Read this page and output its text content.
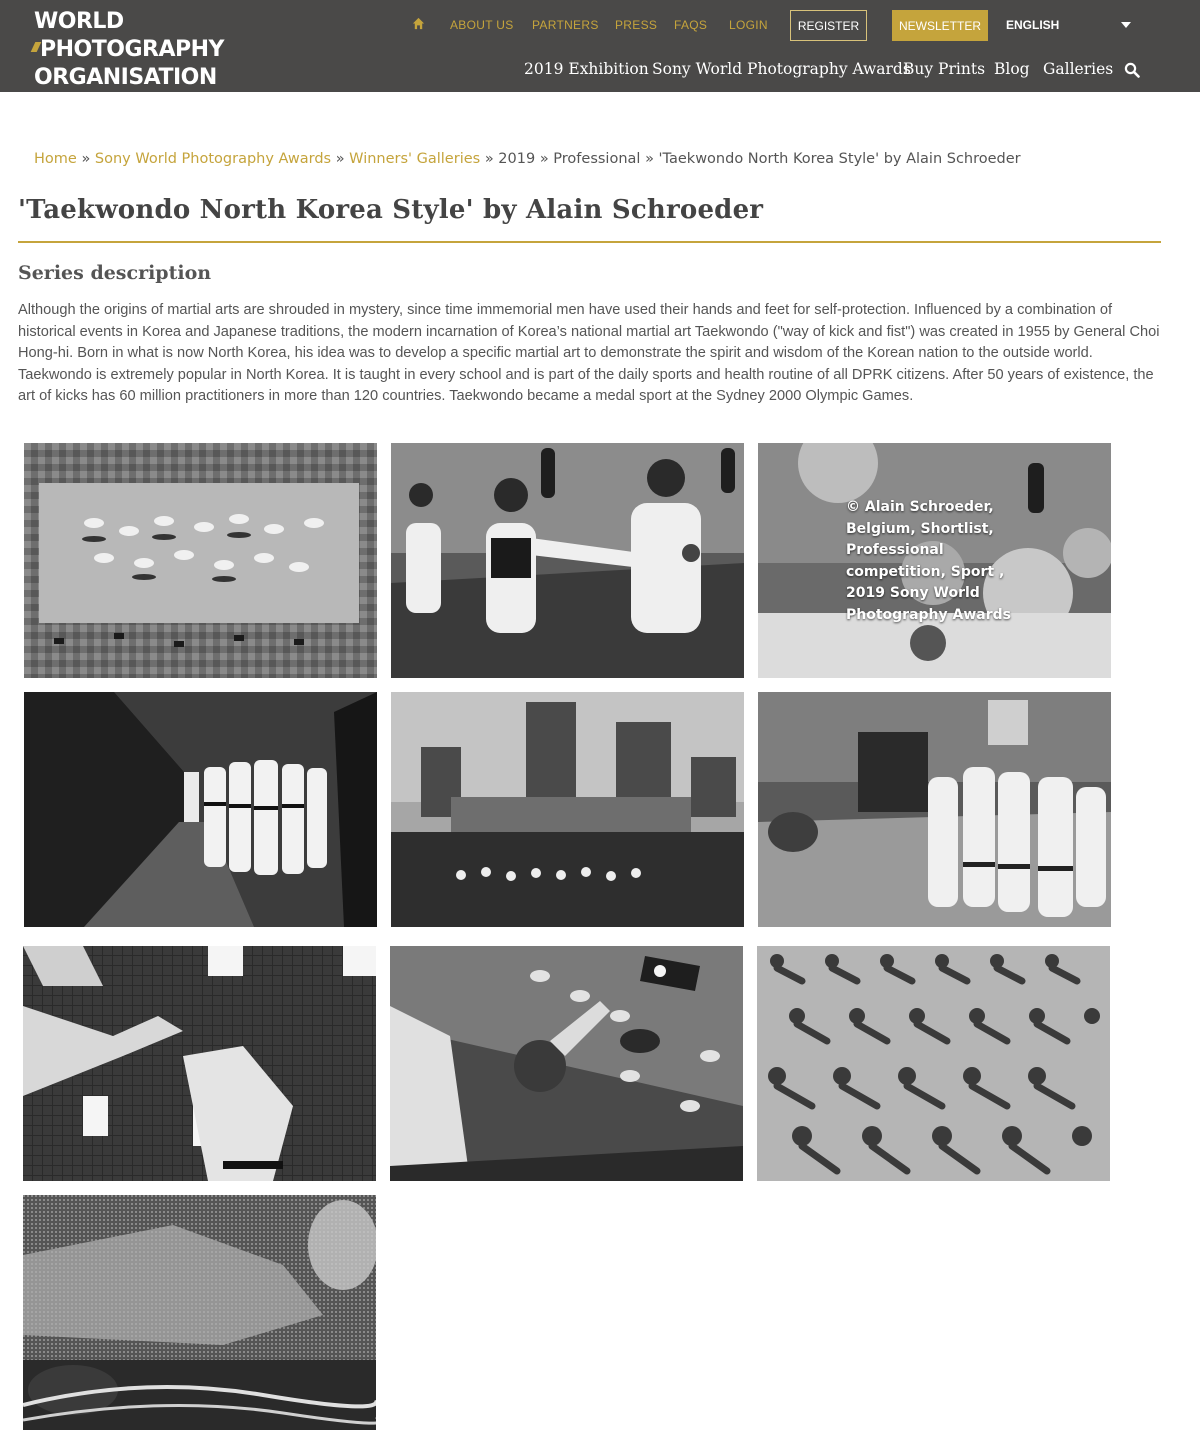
WORLD
PHOTOGRAPHY
ORGANISATION
ABOUT US PARTNERS PRESS FAQS LOGIN	REGISTER	NEWSLETTER	ENGLISH
2019 Exhibition Sony World Photography Awards
Buy Prints Blog Galleries
Home » Sony World Photography Awards » Winners' Galleries » 2019 » Professional » 'Taekwondo North Korea Style' by Alain Schroeder
'Taekwondo North Korea Style' by Alain Schroeder
Series description

Although the origins of martial arts are shrouded in mystery, since time immemorial men have used their hands and feet for self-protection. Influenced by a combination of historical events in Korea and Japanese traditions, the modern incarnation of Korea’s national martial art Taekwondo ("way of kick and fist") was created in 1955 by General Choi Hong-hi. Born in what is now North Korea, his idea was to develop a specific martial art to demonstrate the spirit and wisdom of the Korean nation to the outside world. Taekwondo is extremely popular in North Korea. It is taught in every school and is part of the daily sports and health routine of all DPRK citizens. After 50 years of existence, the art of kicks has 60 million practitioners in more than 120 countries. Taekwondo became a medal sport at the Sydney 2000 Olympic Games.

© Alain Schroeder, Belgium, Shortlist, Professional competition, Sport , 2019 Sony World Photography Awards
